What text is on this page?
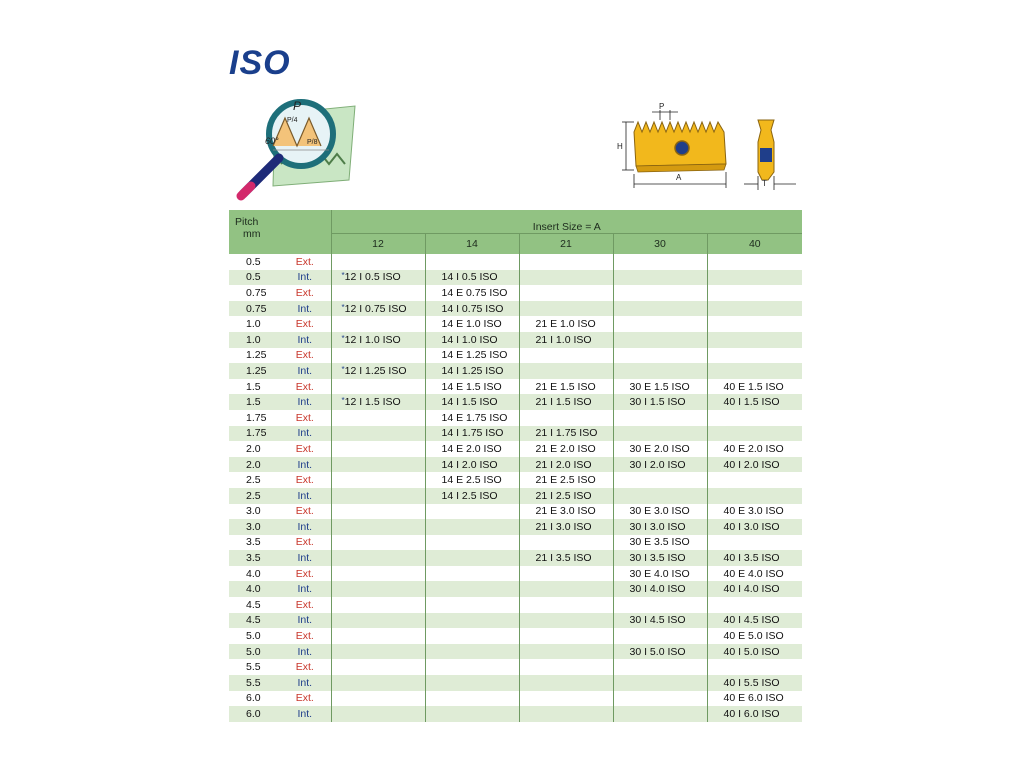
ISO
P
P/4
60°	P/8
P
H
A
T
Pitch
mm		Insert Size = A				
		12	14	21	30	40
0.5	Ext.					
0.5	Int.	*12 I 0.5 ISO	14 I 0.5 ISO			
0.75	Ext.		14 E 0.75 ISO			
0.75	Int.	*12 I 0.75 ISO	14 I 0.75 ISO			
1.0	Ext.		14 E 1.0 ISO	21 E 1.0 ISO		
1.0	Int.	*12 I 1.0 ISO	14 I 1.0 ISO	21 I 1.0 ISO		
1.25	Ext.		14 E 1.25 ISO			
1.25	Int.	*12 I 1.25 ISO	14 I 1.25 ISO			
1.5	Ext.		14 E 1.5 ISO	21 E 1.5 ISO	30 E 1.5 ISO	40 E 1.5 ISO
1.5	Int.	*12 I 1.5 ISO	14 I 1.5 ISO	21 I 1.5 ISO	30 I 1.5 ISO	40 I 1.5 ISO
1.75	Ext.		14 E 1.75 ISO			
1.75	Int.		14 I 1.75 ISO	21 I 1.75 ISO		
2.0	Ext.		14 E 2.0 ISO	21 E 2.0 ISO	30 E 2.0 ISO	40 E 2.0 ISO
2.0	Int.		14 I 2.0 ISO	21 I 2.0 ISO	30 I 2.0 ISO	40 I 2.0 ISO
2.5	Ext.		14 E 2.5 ISO	21 E 2.5 ISO		
2.5	Int.		14 I 2.5 ISO	21 I 2.5 ISO		
3.0	Ext.			21 E 3.0 ISO	30 E 3.0 ISO	40 E 3.0 ISO
3.0	Int.			21 I 3.0 ISO	30 I 3.0 ISO	40 I 3.0 ISO
3.5	Ext.				30 E 3.5 ISO	
3.5	Int.			21 I 3.5 ISO	30 I 3.5 ISO	40 I 3.5 ISO
4.0	Ext.				30 E 4.0 ISO	40 E 4.0 ISO
4.0	Int.				30 I 4.0 ISO	40 I 4.0 ISO
4.5	Ext.					
4.5	Int.				30 I 4.5 ISO	40 I 4.5 ISO
5.0	Ext.					40 E 5.0 ISO
5.0	Int.				30 I 5.0 ISO	40 I 5.0 ISO
5.5	Ext.					
5.5	Int.					40 I 5.5 ISO
6.0	Ext.					40 E 6.0 ISO
6.0	Int.					40 I 6.0 ISO
